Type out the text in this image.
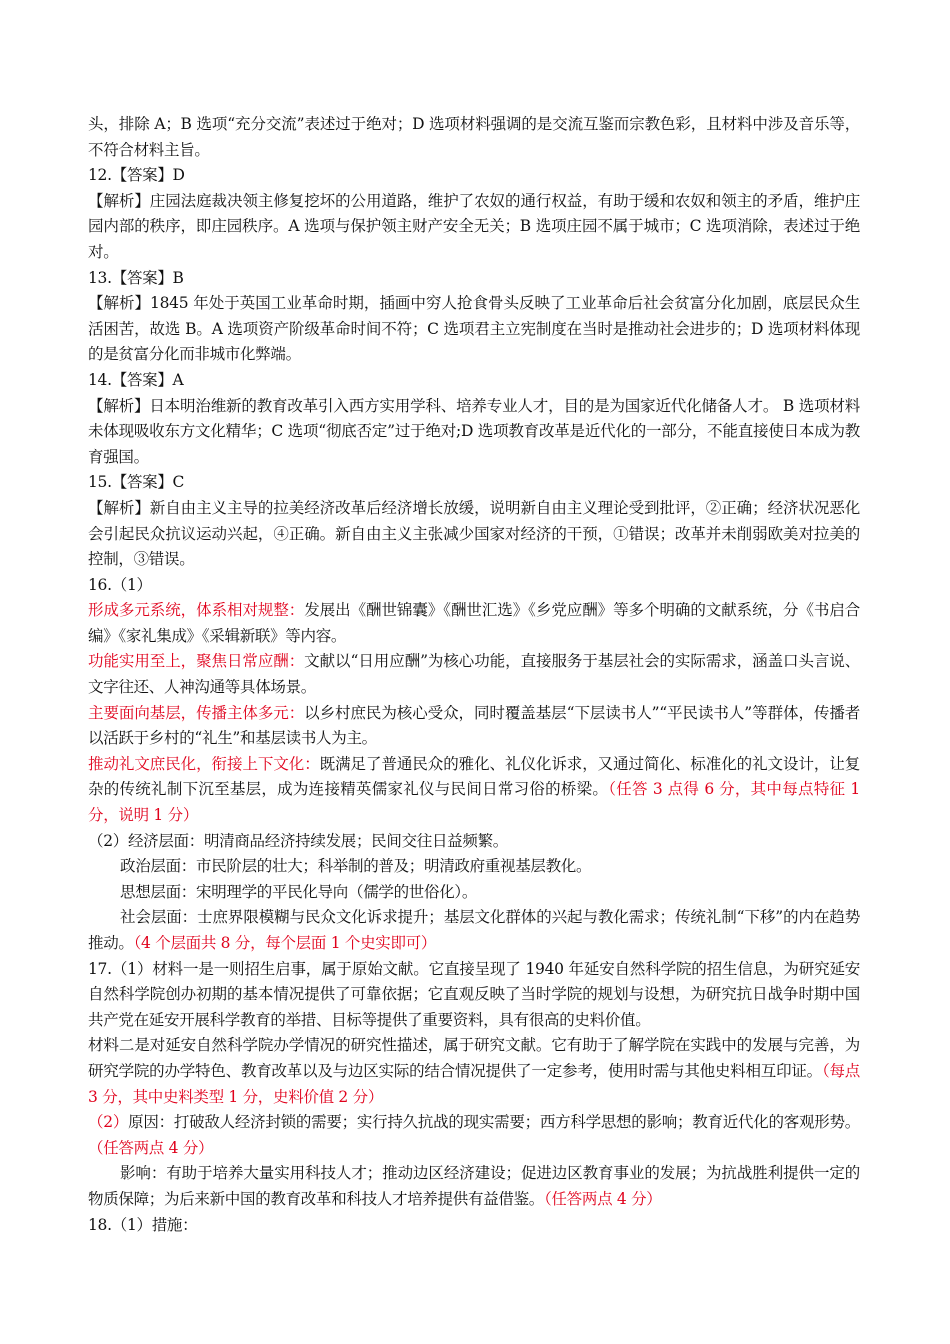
头，排除 A；B 选项“充分交流”表述过于绝对；D 选项材料强调的是交流互鉴而宗教色彩，且材料中涉及音乐等，不符合材料主旨。

12.【答案】D

【解析】庄园法庭裁决领主修复挖坏的公用道路，维护了农奴的通行权益，有助于缓和农奴和领主的矛盾，维护庄园内部的秩序，即庄园秩序。A 选项与保护领主财产安全无关；B 选项庄园不属于城市；C 选项消除，表述过于绝对。

13.【答案】B

【解析】1845 年处于英国工业革命时期，插画中穷人抢食骨头反映了工业革命后社会贫富分化加剧，底层民众生活困苦，故选 B。A 选项资产阶级革命时间不符；C 选项君主立宪制度在当时是推动社会进步的；D 选项材料体现的是贫富分化而非城市化弊端。

14.【答案】A

【解析】日本明治维新的教育改革引入西方实用学科、培养专业人才，目的是为国家近代化储备人才。 B 选项材料未体现吸收东方文化精华；C 选项“彻底否定”过于绝对;D 选项教育改革是近代化的一部分，不能直接使日本成为教育强国。

15.【答案】C

【解析】新自由主义主导的拉美经济改革后经济增长放缓，说明新自由主义理论受到批评，②正确；经济状况恶化会引起民众抗议运动兴起，④正确。新自由主义主张减少国家对经济的干预，①错误；改革并未削弱欧美对拉美的控制，③错误。

16.（1）

形成多元系统，体系相对规整：发展出《酬世锦囊》《酬世汇选》《乡党应酬》等多个明确的文献系统，分《书启合编》《家礼集成》《采辑新联》等内容。

功能实用至上，聚焦日常应酬：文献以“日用应酬”为核心功能，直接服务于基层社会的实际需求，涵盖口头言说、文字往还、人神沟通等具体场景。

主要面向基层，传播主体多元：以乡村庶民为核心受众，同时覆盖基层“下层读书人”“平民读书人”等群体，传播者以活跃于乡村的“礼生”和基层读书人为主。

推动礼文庶民化，衔接上下文化：既满足了普通民众的雅化、礼仪化诉求，又通过简化、标准化的礼文设计，让复杂的传统礼制下沉至基层，成为连接精英儒家礼仪与民间日常习俗的桥梁。（任答 3 点得 6 分，其中每点特征 1 分，说明 1 分）

（2）经济层面：明清商品经济持续发展；民间交往日益频繁。

政治层面：市民阶层的壮大；科举制的普及；明清政府重视基层教化。

思想层面：宋明理学的平民化导向（儒学的世俗化）。

社会层面：士庶界限模糊与民众文化诉求提升；基层文化群体的兴起与教化需求；传统礼制“下移”的内在趋势推动。（4 个层面共 8 分，每个层面 1 个史实即可）

17.（1）材料一是一则招生启事，属于原始文献。它直接呈现了 1940 年延安自然科学院的招生信息，为研究延安自然科学院创办初期的基本情况提供了可靠依据；它直观反映了当时学院的规划与设想，为研究抗日战争时期中国共产党在延安开展科学教育的举措、目标等提供了重要资料，具有很高的史料价值。

材料二是对延安自然科学院办学情况的研究性描述，属于研究文献。它有助于了解学院在实践中的发展与完善，为研究学院的办学特色、教育改革以及与边区实际的结合情况提供了一定参考，使用时需与其他史料相互印证。（每点 3 分，其中史料类型 1 分，史料价值 2 分）

（2）原因：打破敌人经济封锁的需要；实行持久抗战的现实需要；西方科学思想的影响；教育近代化的客观形势。（任答两点 4 分）

影响：有助于培养大量实用科技人才；推动边区经济建设；促进边区教育事业的发展；为抗战胜利提供一定的物质保障；为后来新中国的教育改革和科技人才培养提供有益借鉴。（任答两点 4 分）

18.（1）措施：
